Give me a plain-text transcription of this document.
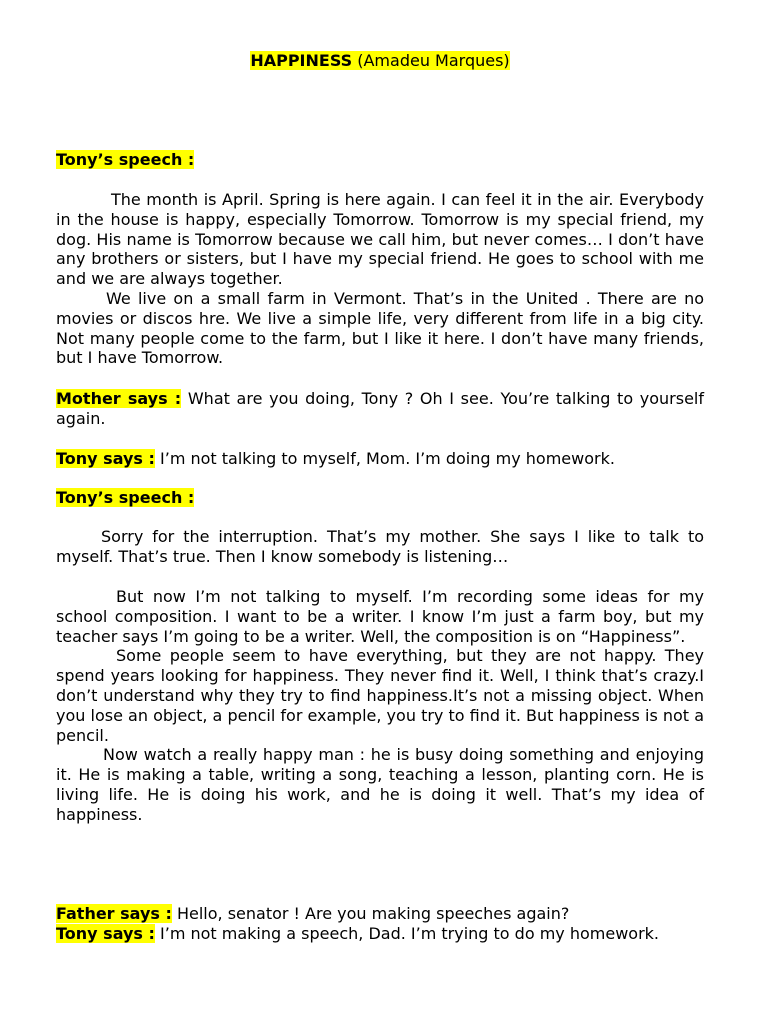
HAPPINESS (Amadeu Marques)
Tony’s speech :

The month is April. Spring is here again. I can feel it in the air. Everybody in the house is happy, especially Tomorrow. Tomorrow is my special friend, my dog. His name is Tomorrow because we call him, but never comes… I don’t have any brothers or sisters, but I have my special friend. He goes to school with me and we are always together.

We live on a small farm in Vermont. That’s in the United . There are no movies or discos hre. We live a simple life, very different from life in a big city. Not many people come to the farm, but I like it here. I don’t have many friends, but I have Tomorrow.

Mother says : What are you doing, Tony ? Oh I see. You’re talking to yourself again.

Tony says : I’m not talking to myself, Mom. I’m doing my homework.

Tony’s speech :

Sorry for the interruption. That’s my mother. She says I like to talk to myself. That’s true. Then I know somebody is listening…

But now I’m not talking to myself. I’m recording some ideas for my school composition. I want to be a writer. I know I’m just a farm boy, but my teacher says I’m going to be a writer. Well, the composition is on “Happiness”.

Some people seem to have everything, but they are not happy. They spend years looking for happiness. They never find it. Well, I think that’s crazy.I don’t understand why they try to find happiness.It’s not a missing object. When you lose an object, a pencil for example, you try to find it. But happiness is not a pencil.

Now watch a really happy man : he is busy doing something and enjoying it. He is making a table, writing a song, teaching a lesson, planting corn. He is living life. He is doing his work, and he is doing it well. That’s my idea of happiness.

Father says : Hello, senator ! Are you making speeches again?

Tony says : I’m not making a speech, Dad. I’m trying to do my homework.
